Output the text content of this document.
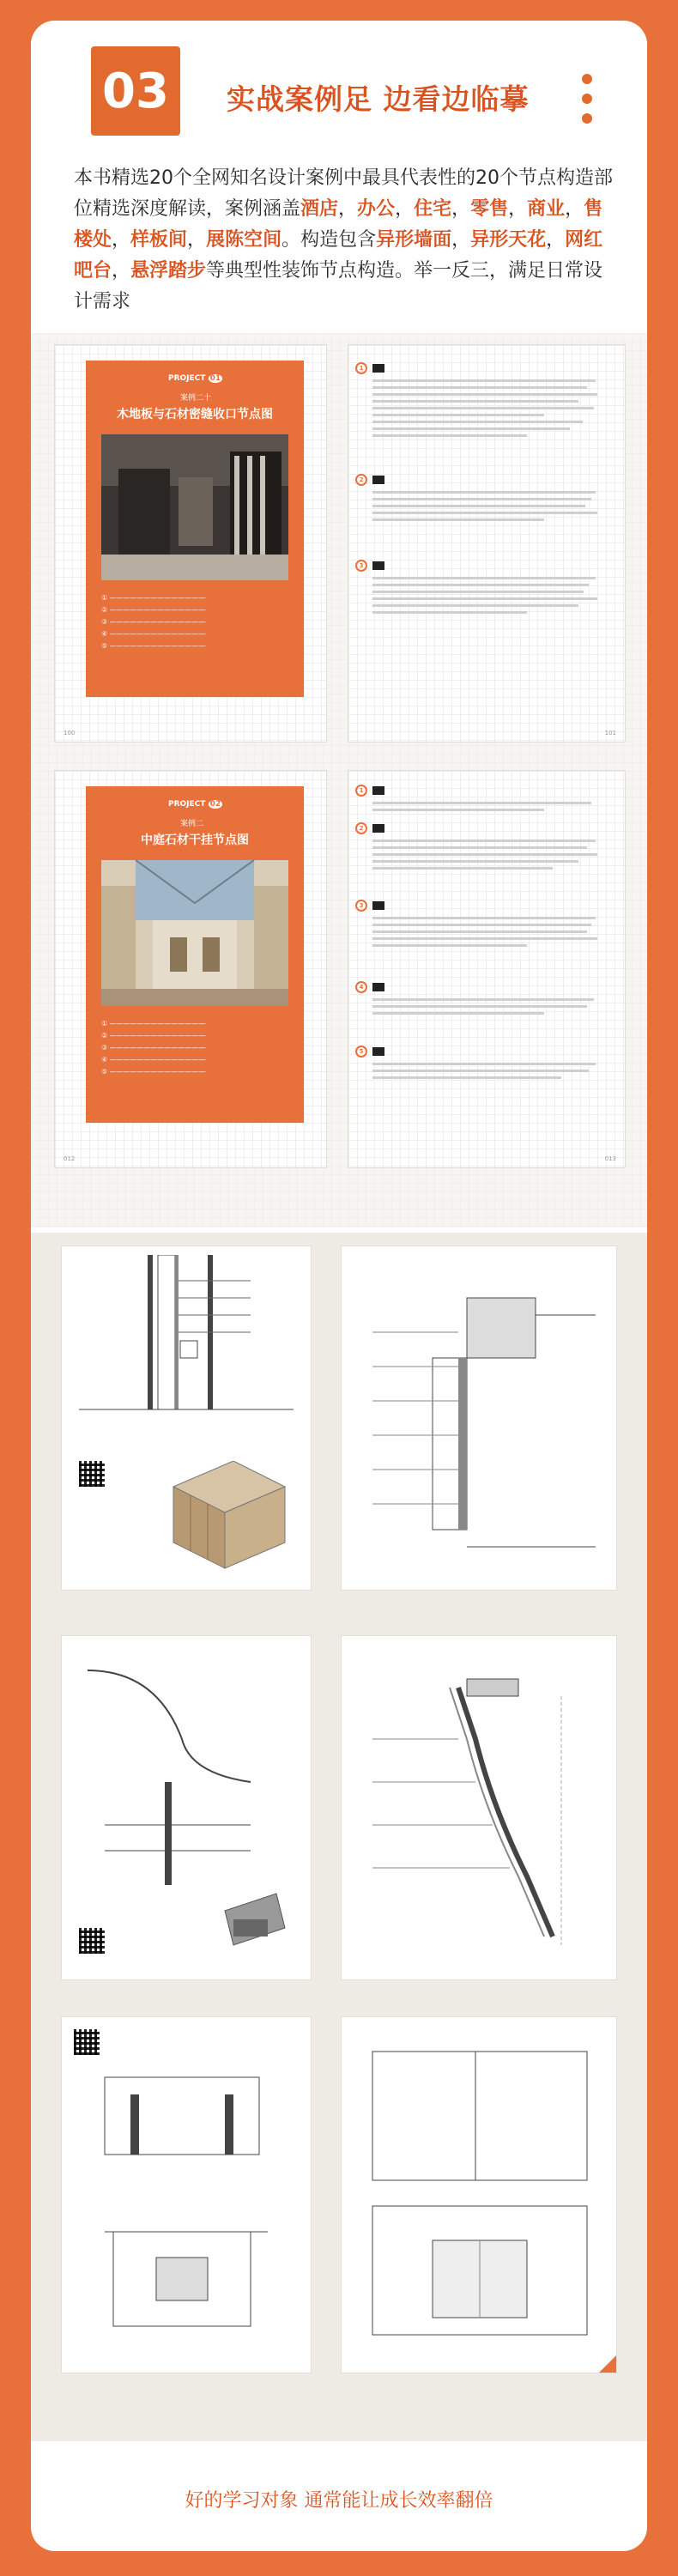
03	实战案例足 边看边临摹
本书精选20个全网知名设计案例中最具代表性的20个节点构造部位精选深度解读，案例涵盖酒店，办公，住宅，零售，商业，售楼处，样板间，展陈空间。构造包含异形墙面，异形天花，网红吧台，悬浮踏步等典型性装饰节点构造。举一反三，满足日常设计需求
PROJECT 01
案例二十
木地板与石材密缝收口节点图
① ——————————————
② ——————————————
③ ——————————————
④ ——————————————
⑤ ——————————————
100
1

2

3

101
PROJECT 02
案例二
中庭石材干挂节点图
① ——————————————
② ——————————————
③ ——————————————
④ ——————————————
⑤ ——————————————
012
1

2

3

4

5

013
好的学习对象 通常能让成长效率翻倍
